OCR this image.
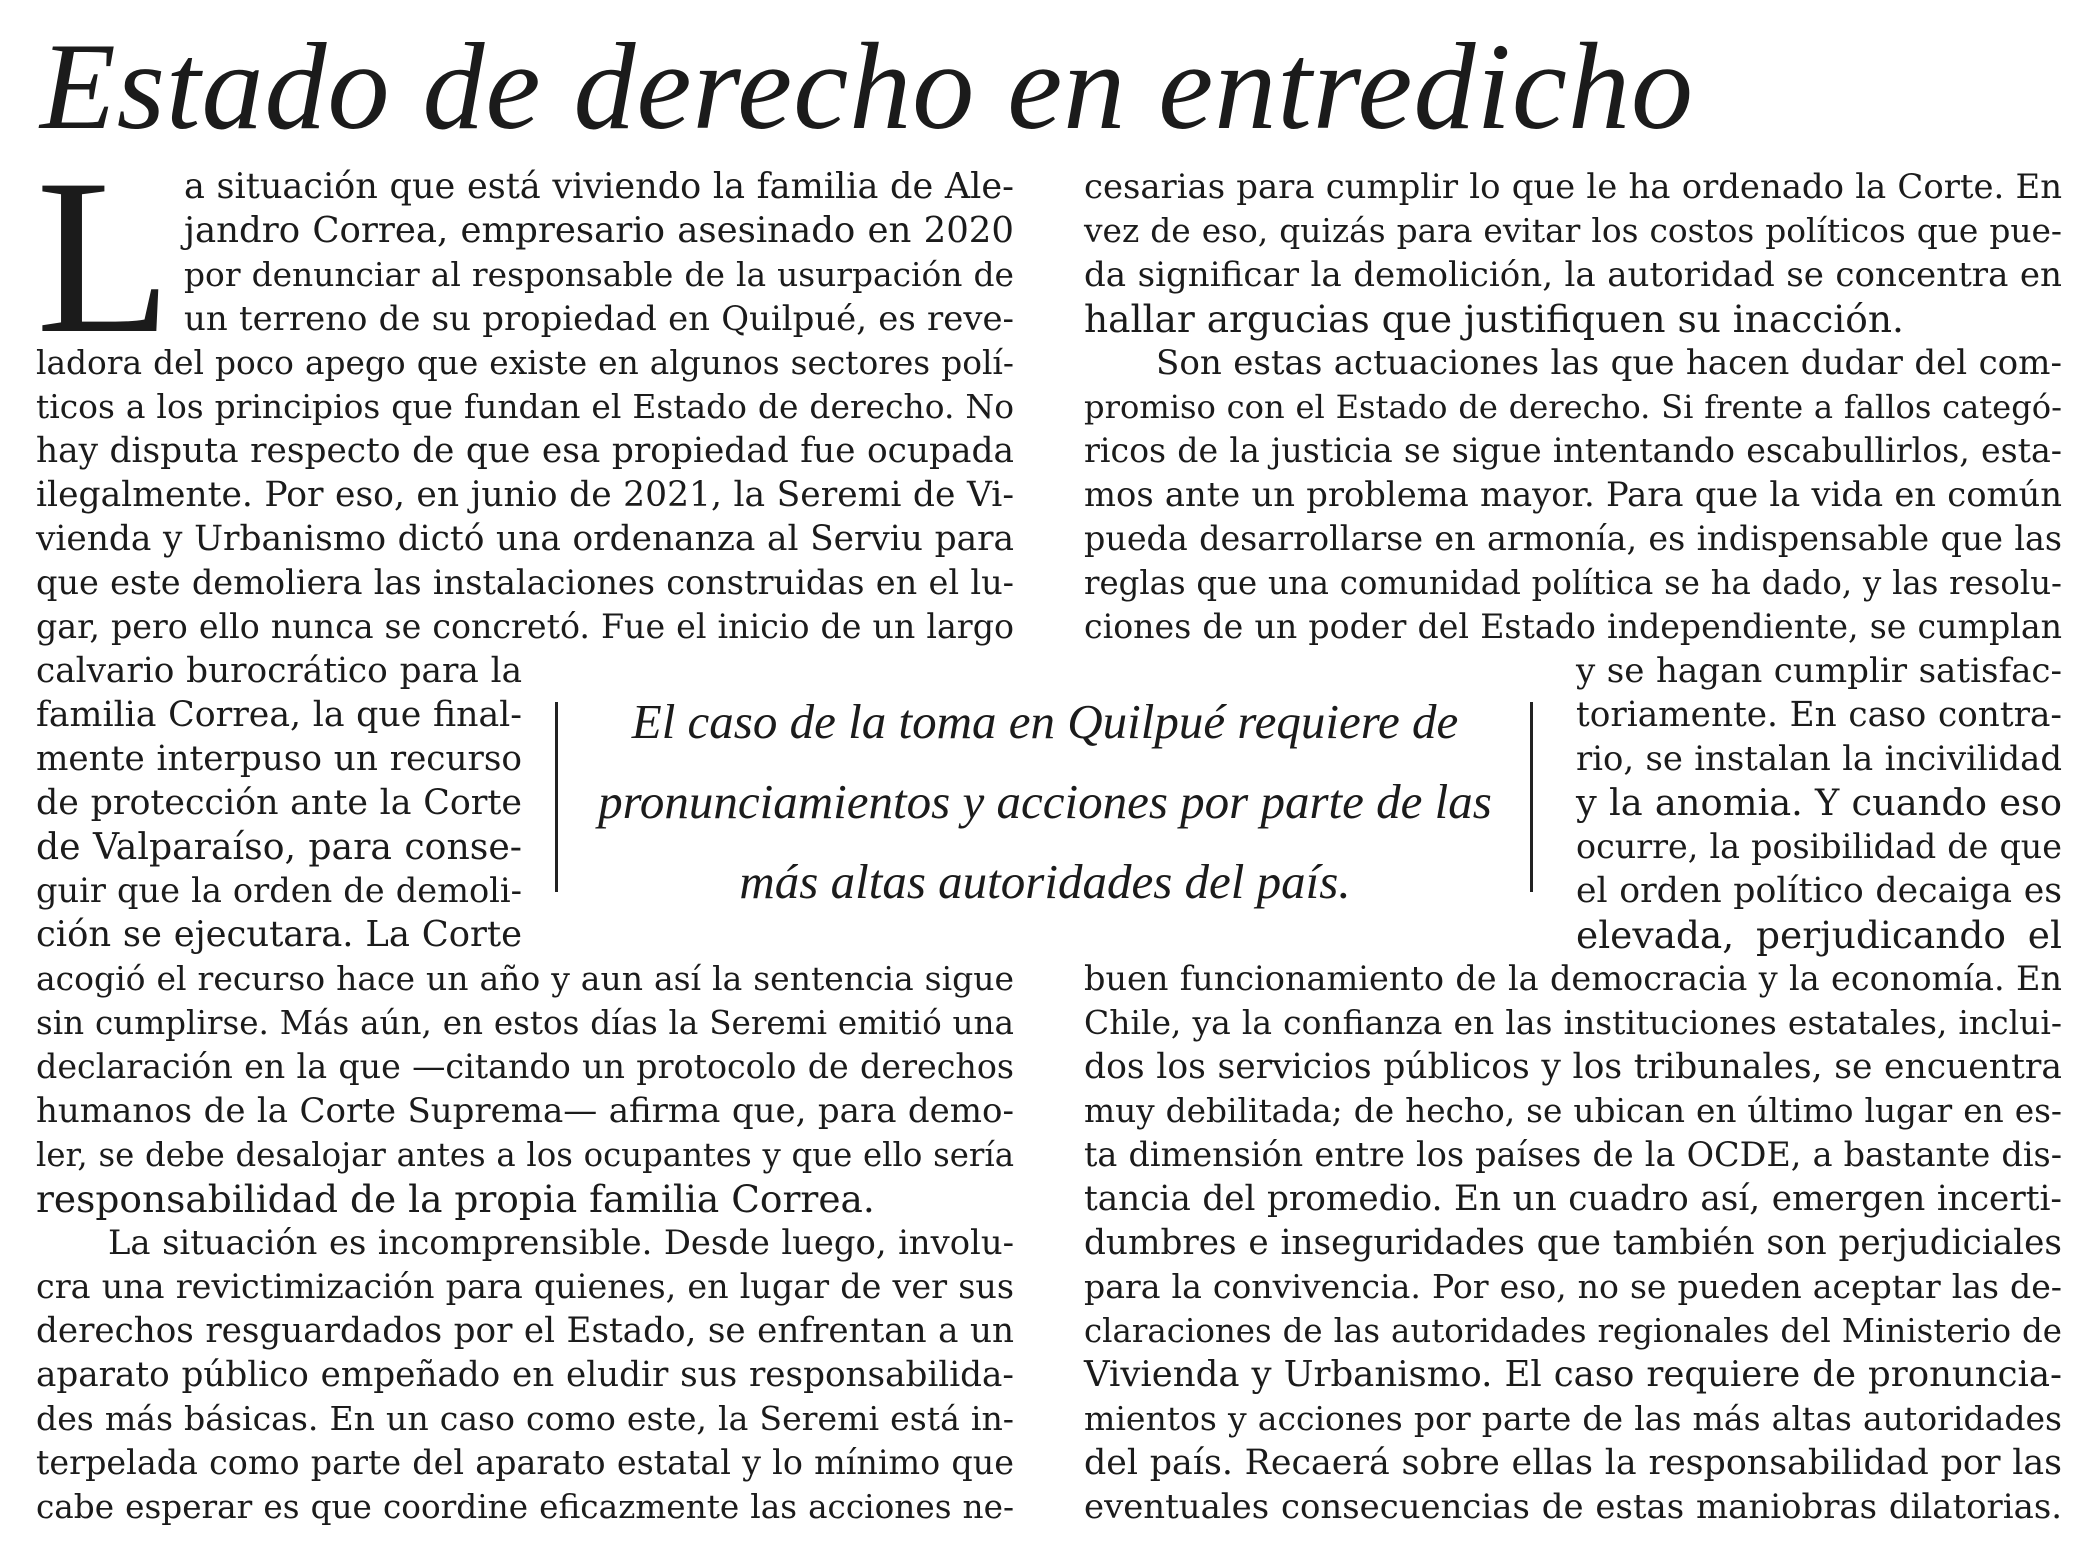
Estado de derecho en entredicho
L a situación que está viviendo la familia de Ale-

jandro Correa, empresario asesinado en 2020

por denunciar al responsable de la usurpación de

un terreno de su propiedad en Quilpué, es reve-

ladora del poco apego que existe en algunos sectores polí-

ticos a los principios que fundan el Estado de derecho. No

hay disputa respecto de que esa propiedad fue ocupada

ilegalmente. Por eso, en junio de 2021, la Seremi de Vi-

vienda y Urbanismo dictó una ordenanza al Serviu para

que este demoliera las instalaciones construidas en el lu-

gar, pero ello nunca se concretó. Fue el inicio de un largo

calvario burocrático para la

familia Correa, la que final-

mente interpuso un recurso

de protección ante la Corte

de Valparaíso, para conse-

guir que la orden de demoli-

ción se ejecutara. La Corte

acogió el recurso hace un año y aun así la sentencia sigue

sin cumplirse. Más aún, en estos días la Seremi emitió una

declaración en la que —citando un protocolo de derechos

humanos de la Corte Suprema— afirma que, para demo-

ler, se debe desalojar antes a los ocupantes y que ello sería

responsabilidad de la propia familia Correa.

La situación es incomprensible. Desde luego, involu-

cra una revictimización para quienes, en lugar de ver sus

derechos resguardados por el Estado, se enfrentan a un

aparato público empeñado en eludir sus responsabilida-

des más básicas. En un caso como este, la Seremi está in-

terpelada como parte del aparato estatal y lo mínimo que

cabe esperar es que coordine eficazmente las acciones ne-

cesarias para cumplir lo que le ha ordenado la Corte. En

vez de eso, quizás para evitar los costos políticos que pue-

da significar la demolición, la autoridad se concentra en

hallar argucias que justifiquen su inacción.

Son estas actuaciones las que hacen dudar del com-

promiso con el Estado de derecho. Si frente a fallos categó-

ricos de la justicia se sigue intentando escabullirlos, esta-

mos ante un problema mayor. Para que la vida en común

pueda desarrollarse en armonía, es indispensable que las

reglas que una comunidad política se ha dado, y las resolu-

ciones de un poder del Estado independiente, se cumplan

y se hagan cumplir satisfac-

toriamente. En caso contra-

rio, se instalan la incivilidad

y la anomia. Y cuando eso

ocurre, la posibilidad de que

el orden político decaiga es

elevada, perjudicando el

buen funcionamiento de la democracia y la economía. En

Chile, ya la confianza en las instituciones estatales, inclui-

dos los servicios públicos y los tribunales, se encuentra

muy debilitada; de hecho, se ubican en último lugar en es-

ta dimensión entre los países de la OCDE, a bastante dis-

tancia del promedio. En un cuadro así, emergen incerti-

dumbres e inseguridades que también son perjudiciales

para la convivencia. Por eso, no se pueden aceptar las de-

claraciones de las autoridades regionales del Ministerio de

Vivienda y Urbanismo. El caso requiere de pronuncia-

mientos y acciones por parte de las más altas autoridades

del país. Recaerá sobre ellas la responsabilidad por las

eventuales consecuencias de estas maniobras dilatorias.

El caso de la toma en Quilpué requiere de

pronunciamientos y acciones por parte de las

más altas autoridades del país.
